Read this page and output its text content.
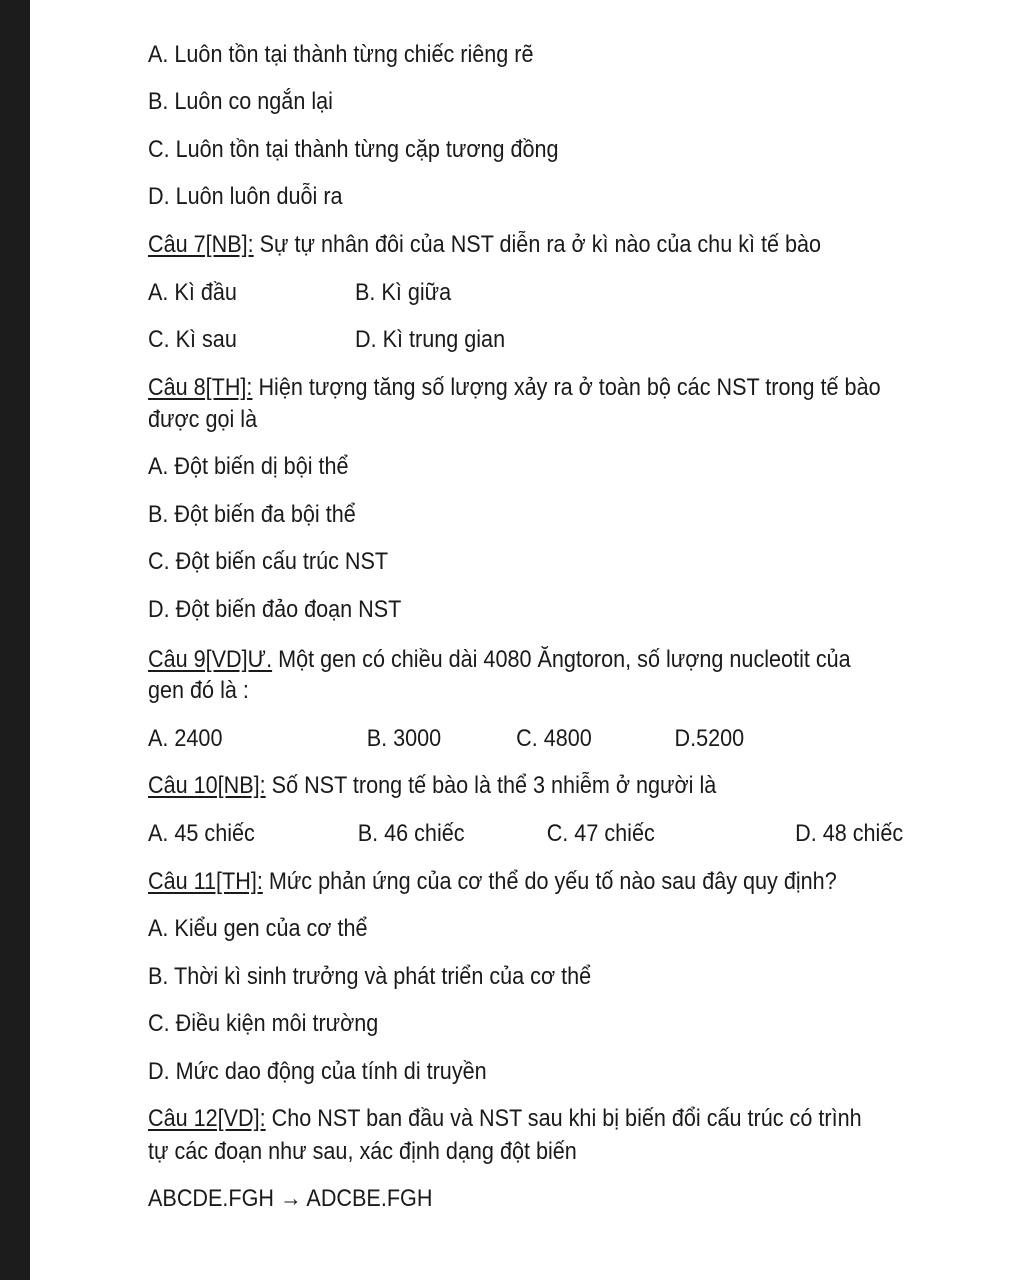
A. Luôn tồn tại thành từng chiếc riêng rẽ
B. Luôn co ngắn lại
C. Luôn tồn tại thành từng cặp tương đồng
D. Luôn luôn duỗi ra
Câu 7[NB]: Sự tự nhân đôi của NST diễn ra ở kì nào của chu kì tế bào
A. Kì đầu	B. Kì giữa
C. Kì sau	D. Kì trung gian
Câu 8[TH]: Hiện tượng tăng số lượng xảy ra ở toàn bộ các NST trong tế bào
được gọi là
A. Đột biến dị bội thể
B. Đột biến đa bội thể
C. Đột biến cấu trúc NST
D. Đột biến đảo đoạn NST
Câu 9[VD]Ư. Một gen có chiều dài 4080 Ăngtoron, số lượng nucleotit của
gen đó là :
A. 2400	B. 3000	C. 4800	D.5200
Câu 10[NB]: Số NST trong tế bào là thể 3 nhiễm ở người là
A. 45 chiếc	B. 46 chiếc	C. 47 chiếc	D. 48 chiếc
Câu 11[TH]: Mức phản ứng của cơ thể do yếu tố nào sau đây quy định?
A. Kiểu gen của cơ thể
B. Thời kì sinh trưởng và phát triển của cơ thể
C. Điều kiện môi trường
D. Mức dao động của tính di truyền
Câu 12[VD]: Cho NST ban đầu và NST sau khi bị biến đổi cấu trúc có trình
tự các đoạn như sau, xác định dạng đột biến
ABCDE.FGH → ADCBE.FGH
